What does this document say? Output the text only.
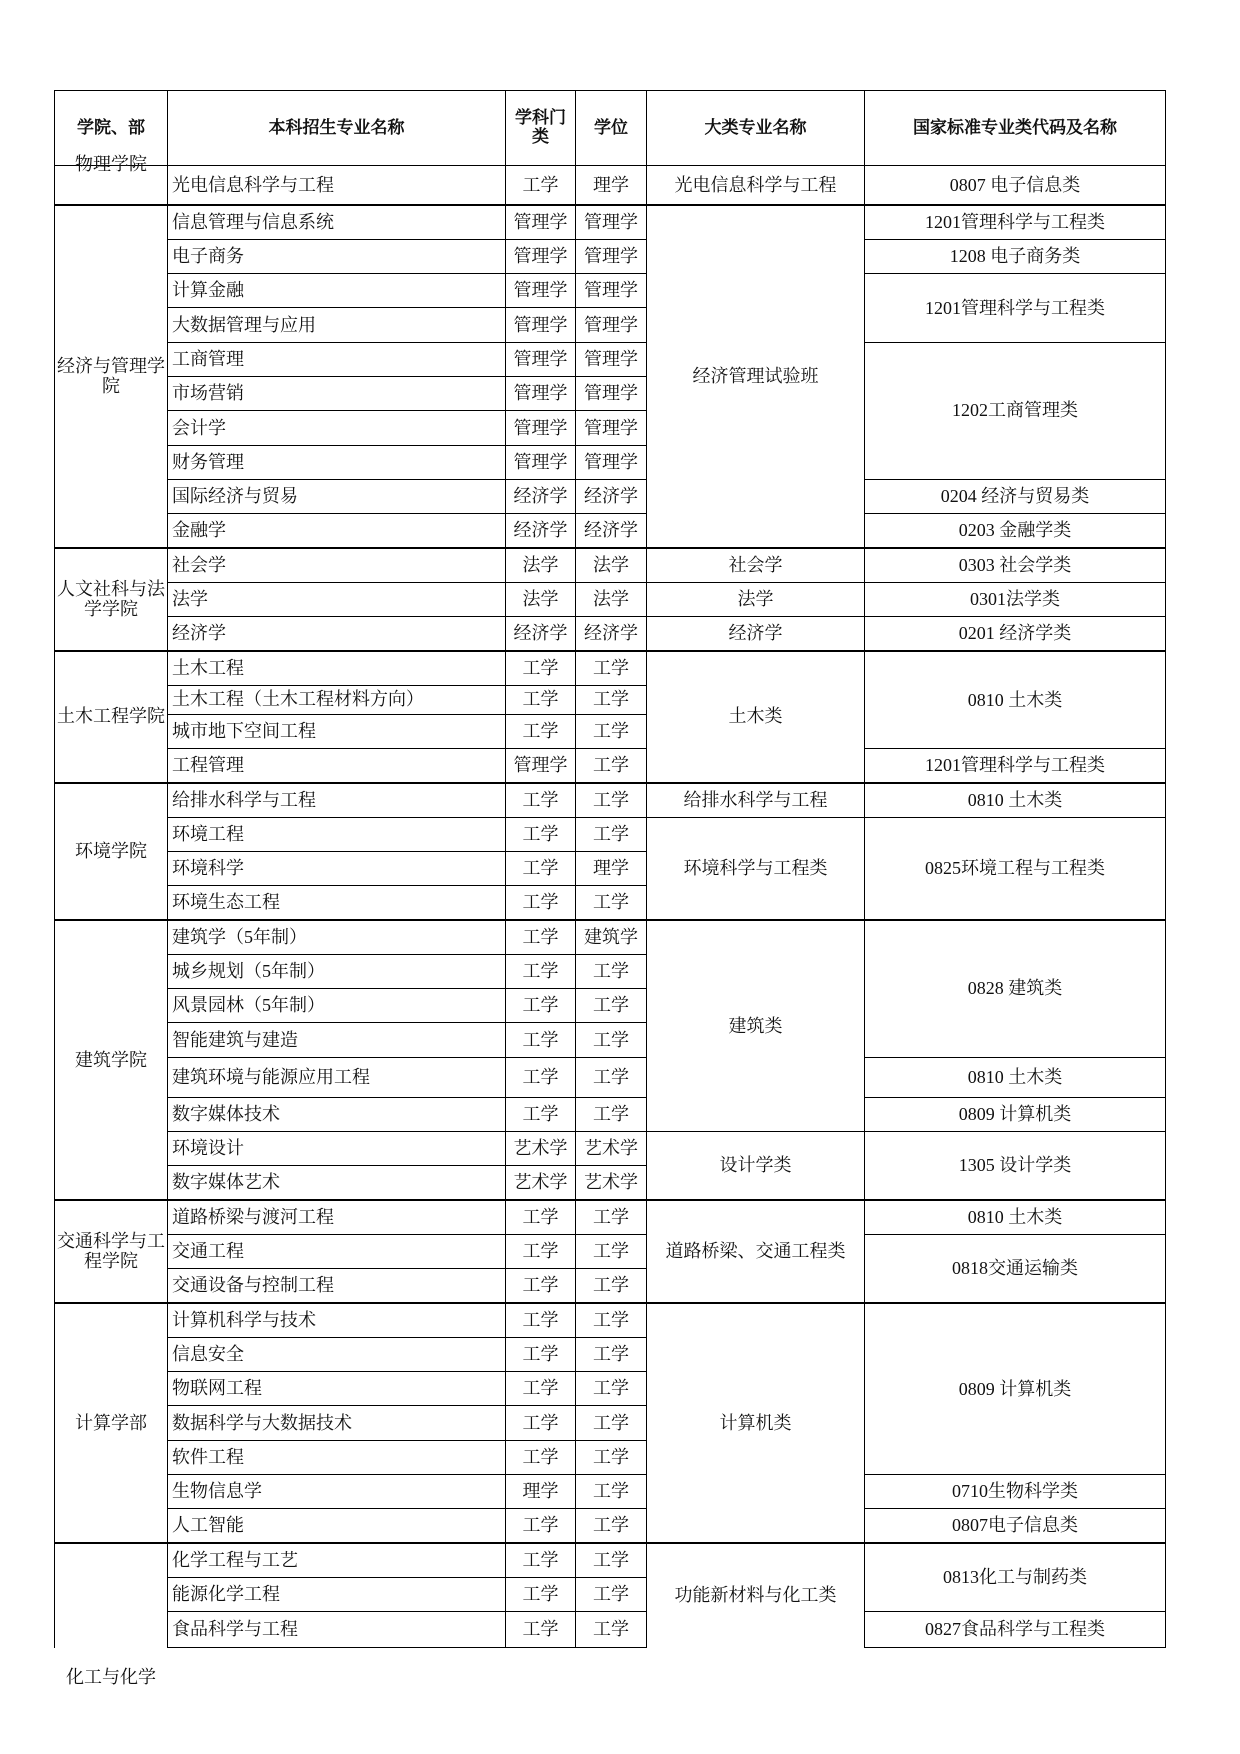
学院、部	本科招生专业名称	学科门类	学位	大类专业名称	国家标准专业类代码及名称

物理学院	光电信息科学与工程	工学	理学	光电信息科学与工程	0807 电子信息类
经济与管理学院	信息管理与信息系统	管理学	管理学	经济管理试验班	1201管理科学与工程类
	电子商务	管理学	管理学		1208 电子商务类
	计算金融	管理学	管理学		1201管理科学与工程类
	大数据管理与应用	管理学	管理学		
	工商管理	管理学	管理学		1202工商管理类
	市场营销	管理学	管理学		
	会计学	管理学	管理学		
	财务管理	管理学	管理学		
	国际经济与贸易	经济学	经济学		0204 经济与贸易类
	金融学	经济学	经济学		0203 金融学类
人文社科与法学学院	社会学	法学	法学	社会学	0303 社会学类
	法学	法学	法学	法学	0301法学类
	经济学	经济学	经济学	经济学	0201 经济学类
土木工程学院	土木工程	工学	工学	土木类	0810 土木类
	土木工程（土木工程材料方向）	工学	工学		
	城市地下空间工程	工学	工学		
	工程管理	管理学	工学		1201管理科学与工程类
环境学院	给排水科学与工程	工学	工学	给排水科学与工程	0810 土木类
	环境工程	工学	工学	环境科学与工程类	0825环境工程与工程类
	环境科学	工学	理学		
	环境生态工程	工学	工学		
建筑学院	建筑学（5年制）	工学	建筑学	建筑类	0828 建筑类
	城乡规划（5年制）	工学	工学		
	风景园林（5年制）	工学	工学		
	智能建筑与建造	工学	工学		
	建筑环境与能源应用工程	工学	工学		0810 土木类
	数字媒体技术	工学	工学		0809 计算机类
	环境设计	艺术学	艺术学	设计学类	1305 设计学类
	数字媒体艺术	艺术学	艺术学		
交通科学与工程学院	道路桥梁与渡河工程	工学	工学	道路桥梁、交通工程类	0810 土木类
	交通工程	工学	工学		0818交通运输类
	交通设备与控制工程	工学	工学		
计算学部	计算机科学与技术	工学	工学	计算机类	0809 计算机类
	信息安全	工学	工学		
	物联网工程	工学	工学		
	数据科学与大数据技术	工学	工学		
	软件工程	工学	工学		
	生物信息学	理学	工学		0710生物科学类
	人工智能	工学	工学		0807电子信息类

化工与化学	化学工程与工艺	工学	工学	功能新材料与化工类	0813化工与制药类
	能源化学工程	工学	工学		
	食品科学与工程	工学	工学		0827食品科学与工程类
